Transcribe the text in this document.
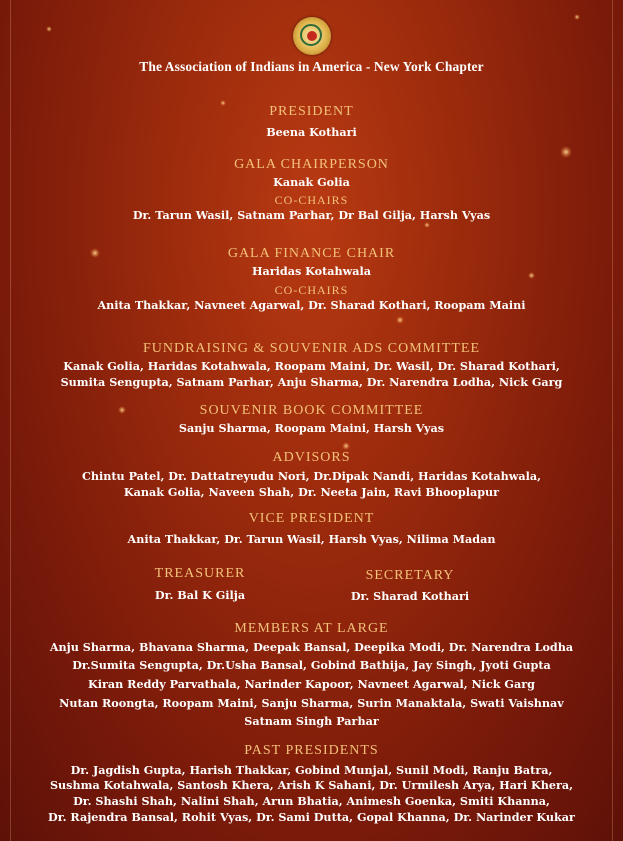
The Association of Indians in America - New York Chapter
PRESIDENT
Beena Kothari
GALA CHAIRPERSON
Kanak Golia
CO-CHAIRS
Dr. Tarun Wasil, Satnam Parhar, Dr Bal Gilja, Harsh Vyas
GALA FINANCE CHAIR
Haridas Kotahwala
CO-CHAIRS
Anita Thakkar, Navneet Agarwal, Dr. Sharad Kothari, Roopam Maini
FUNDRAISING & SOUVENIR ADS COMMITTEE
Kanak Golia, Haridas Kotahwala, Roopam Maini, Dr. Wasil, Dr. Sharad Kothari,
Sumita Sengupta, Satnam Parhar, Anju Sharma, Dr. Narendra Lodha, Nick Garg
SOUVENIR BOOK COMMITTEE
Sanju Sharma, Roopam Maini, Harsh Vyas
ADVISORS
Chintu Patel, Dr. Dattatreyudu Nori, Dr.Dipak Nandi, Haridas Kotahwala,
Kanak Golia, Naveen Shah, Dr. Neeta Jain, Ravi Bhooplapur
VICE PRESIDENT
Anita Thakkar, Dr. Tarun Wasil, Harsh Vyas, Nilima Madan
TREASURER
Dr. Bal K Gilja
SECRETARY
Dr. Sharad Kothari
MEMBERS AT LARGE
Anju Sharma, Bhavana Sharma, Deepak Bansal, Deepika Modi, Dr. Narendra Lodha
Dr.Sumita Sengupta, Dr.Usha Bansal, Gobind Bathija, Jay Singh, Jyoti Gupta
Kiran Reddy Parvathala, Narinder Kapoor, Navneet Agarwal, Nick Garg
Nutan Roongta, Roopam Maini, Sanju Sharma, Surin Manaktala, Swati Vaishnav
Satnam Singh Parhar
PAST PRESIDENTS
Dr. Jagdish Gupta, Harish Thakkar, Gobind Munjal, Sunil Modi, Ranju Batra,
Sushma Kotahwala, Santosh Khera, Arish K Sahani, Dr. Urmilesh Arya, Hari Khera,
Dr. Shashi Shah, Nalini Shah, Arun Bhatia, Animesh Goenka, Smiti Khanna,
Dr. Rajendra Bansal, Rohit Vyas, Dr. Sami Dutta, Gopal Khanna, Dr. Narinder Kukar
